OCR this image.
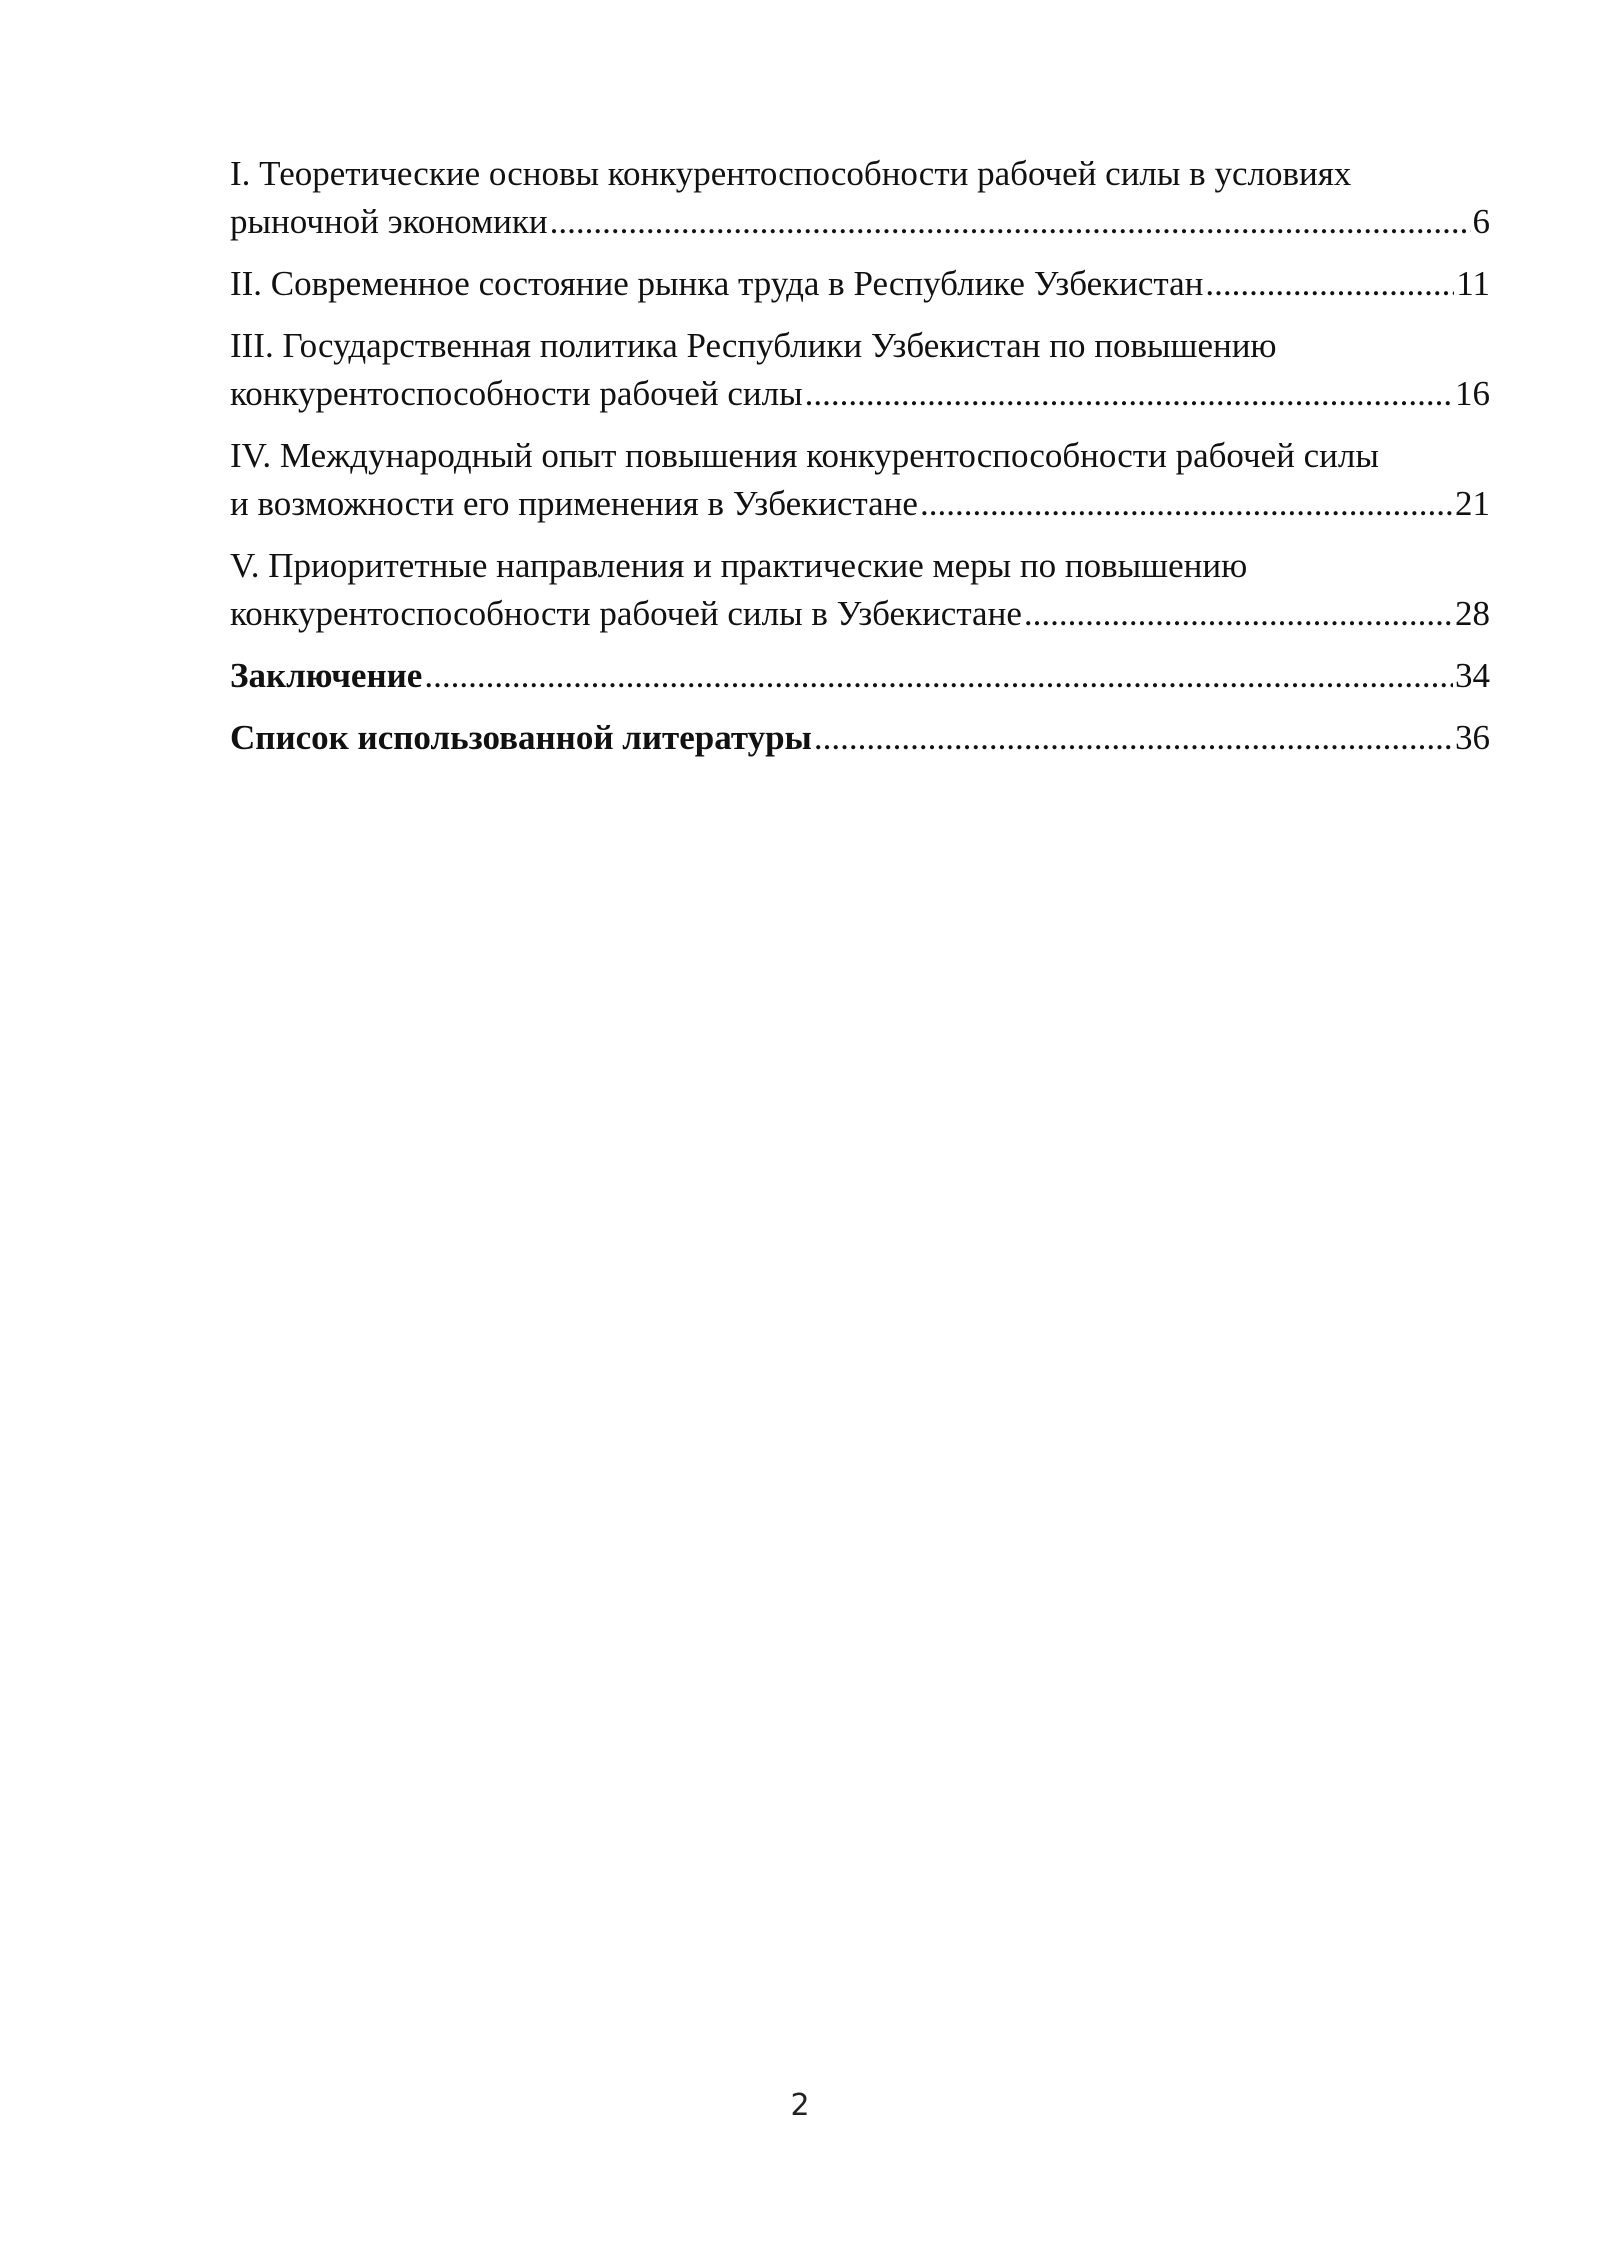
I. Теоретические основы конкурентоспособности рабочей силы в условиях
рыночной экономики .....	6
II. Современное состояние рынка труда в Республике Узбекистан .....	11
III. Государственная политика Республики Узбекистан по повышению
конкурентоспособности рабочей силы .....	16
IV. Международный опыт повышения конкурентоспособности рабочей силы
и возможности его применения в Узбекистане .....	21
V. Приоритетные направления и практические меры по повышению
конкурентоспособности рабочей силы в Узбекистане .....	28
Заключение .....	34
Список использованной литературы .....	36
2
